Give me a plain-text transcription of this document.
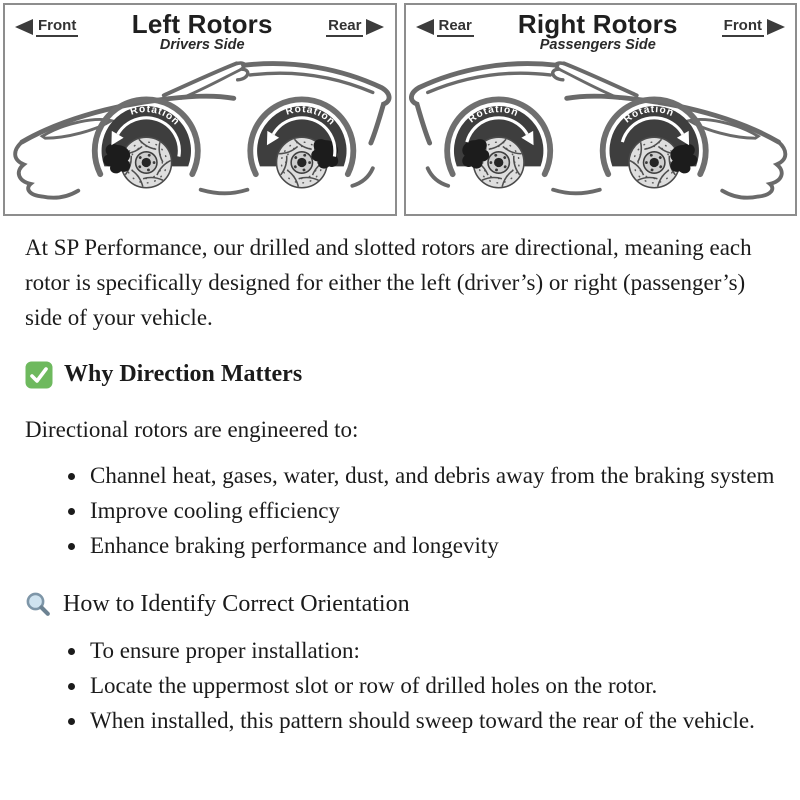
Front Left Rotors
Drivers Side
Rear
Rotation
Rotation
Rear Right Rotors
Passengers Side
Front
Rotation	Rotation

At SP Performance, our drilled and slotted rotors are directional, meaning each rotor is specifically designed for either the left (driver’s) or right (passenger’s) side of your vehicle.

Why Direction Matters

Directional rotors are engineered to:

• Channel heat, gases, water, dust, and debris away from the braking system
• Improve cooling efficiency
• Enhance braking performance and longevity
How to Identify Correct Orientation
• To ensure proper installation:
• Locate the uppermost slot or row of drilled holes on the rotor.
• When installed, this pattern should sweep toward the rear of the vehicle.
